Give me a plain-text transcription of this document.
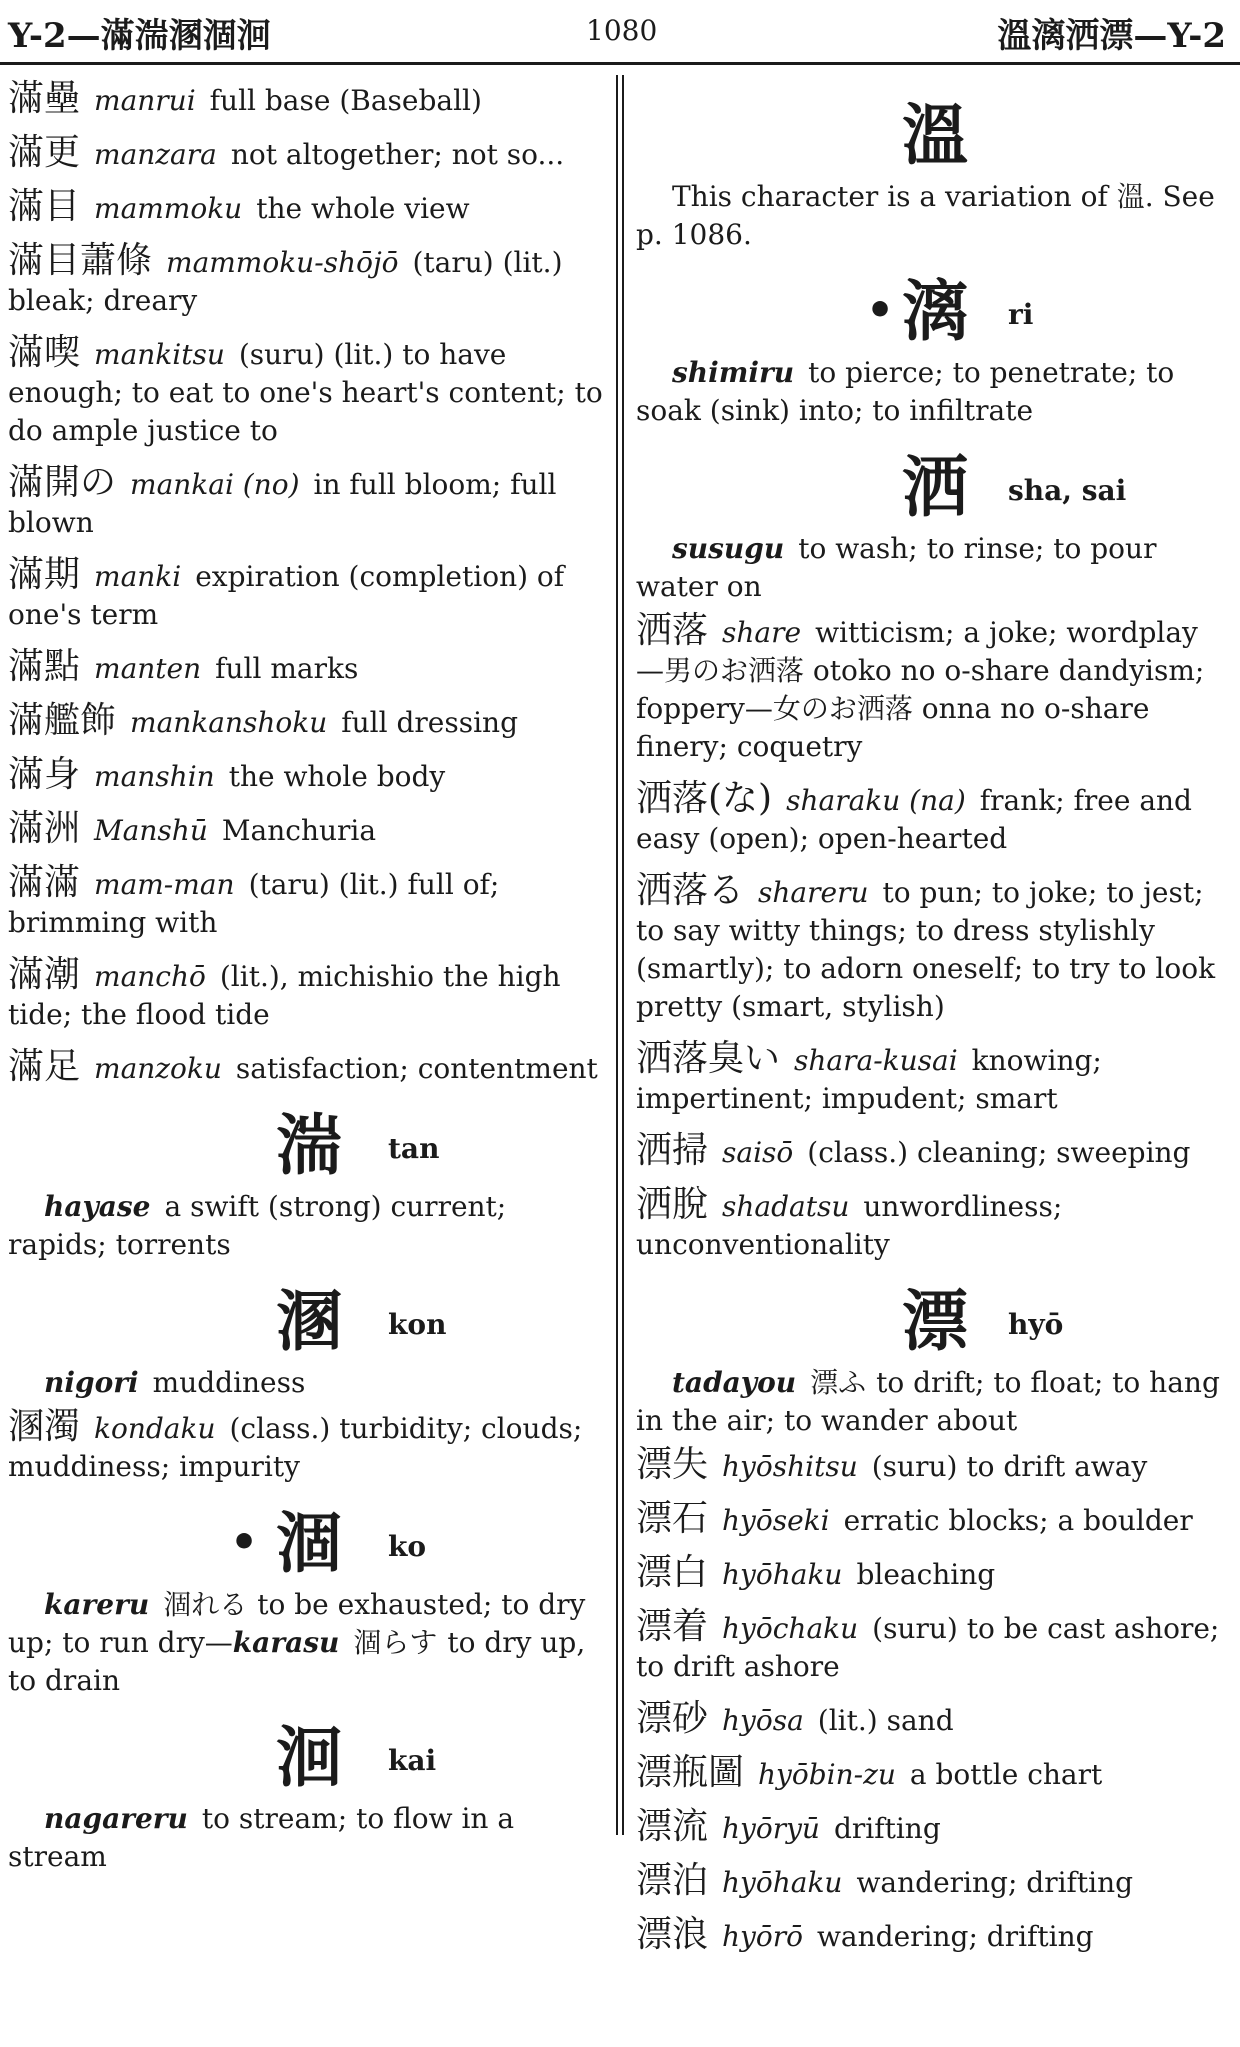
Y-2—滿湍溷涸洄	1080	溫漓洒漂—Y-2
滿壘 manrui full base (Baseball)
滿更 manzara not altogether; not so...
滿目 mammoku the whole view
滿目蕭條 mammoku-shōjō (taru) (lit.) bleak; dreary
滿喫 mankitsu (suru) (lit.) to have enough; to eat to one's heart's content; to do ample justice to
滿開の mankai (no) in full bloom; full blown
滿期 manki expiration (completion) of one's term
滿點 manten full marks
滿艦飾 mankanshoku full dressing
滿身 manshin the whole body
滿洲 Manshū Manchuria
滿滿 mam-man (taru) (lit.) full of; brimming with
滿潮 manchō (lit.), michishio the high tide; the flood tide
滿足 manzoku satisfaction; contentment
湍 tan
hayase a swift (strong) current; rapids; torrents
溷 kon
nigori muddiness
溷濁 kondaku (class.) turbidity; clouds; muddiness; impurity
• 涸 ko
kareru 涸れる to be exhausted; to dry up; to run dry—karasu 涸らす to dry up, to drain
洄 kai
nagareru to stream; to flow in a stream
溫
This character is a variation of 溫. See p. 1086.
• 漓 ri
shimiru to pierce; to penetrate; to soak (sink) into; to infiltrate
洒 sha, sai
susugu to wash; to rinse; to pour water on
洒落 share witticism; a joke; wordplay —男のお洒落 otoko no o-share dandyism; foppery—女のお洒落 onna no o-share finery; coquetry
洒落(な) sharaku (na) frank; free and easy (open); open-hearted
洒落る shareru to pun; to joke; to jest; to say witty things; to dress stylishly (smartly); to adorn oneself; to try to look pretty (smart, stylish)
洒落臭い shara-kusai knowing; impertinent; impudent; smart
洒掃 saisō (class.) cleaning; sweeping
洒脫 shadatsu unwordliness; unconventionality
漂 hyō
tadayou 漂ふ to drift; to float; to hang in the air; to wander about
漂失 hyōshitsu (suru) to drift away
漂石 hyōseki erratic blocks; a boulder
漂白 hyōhaku bleaching
漂着 hyōchaku (suru) to be cast ashore; to drift ashore
漂砂 hyōsa (lit.) sand
漂瓶圖 hyōbin-zu a bottle chart
漂流 hyōryū drifting
漂泊 hyōhaku wandering; drifting
漂浪 hyōrō wandering; drifting
